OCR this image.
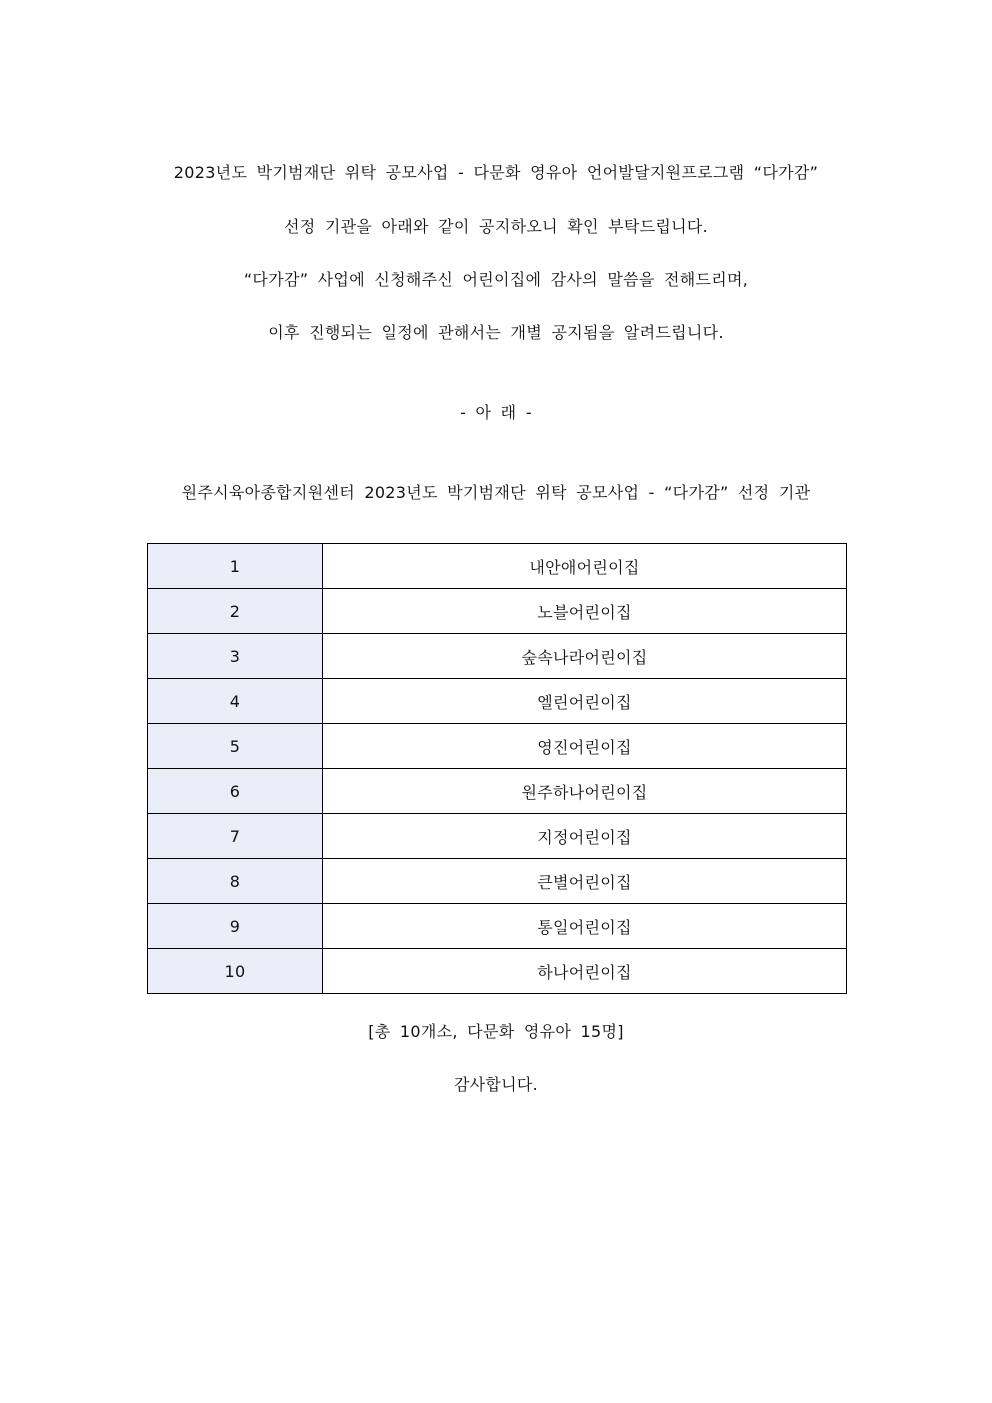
2023년도 박기범재단 위탁 공모사업 - 다문화 영유아 언어발달지원프로그램 “다가감”
선정 기관을 아래와 같이 공지하오니 확인 부탁드립니다.
“다가감” 사업에 신청해주신 어린이집에 감사의 말씀을 전해드리며,
이후 진행되는 일정에 관해서는 개별 공지됨을 알려드립니다.
- 아 래 -
원주시육아종합지원센터 2023년도 박기범재단 위탁 공모사업 - “다가감” 선정 기관
1	내안애어린이집
2	노블어린이집
3	숲속나라어린이집
4	엘린어린이집
5	영진어린이집
6	원주하나어린이집
7	지정어린이집
8	큰별어린이집
9	통일어린이집
10	하나어린이집
[총 10개소, 다문화 영유아 15명]
감사합니다.
